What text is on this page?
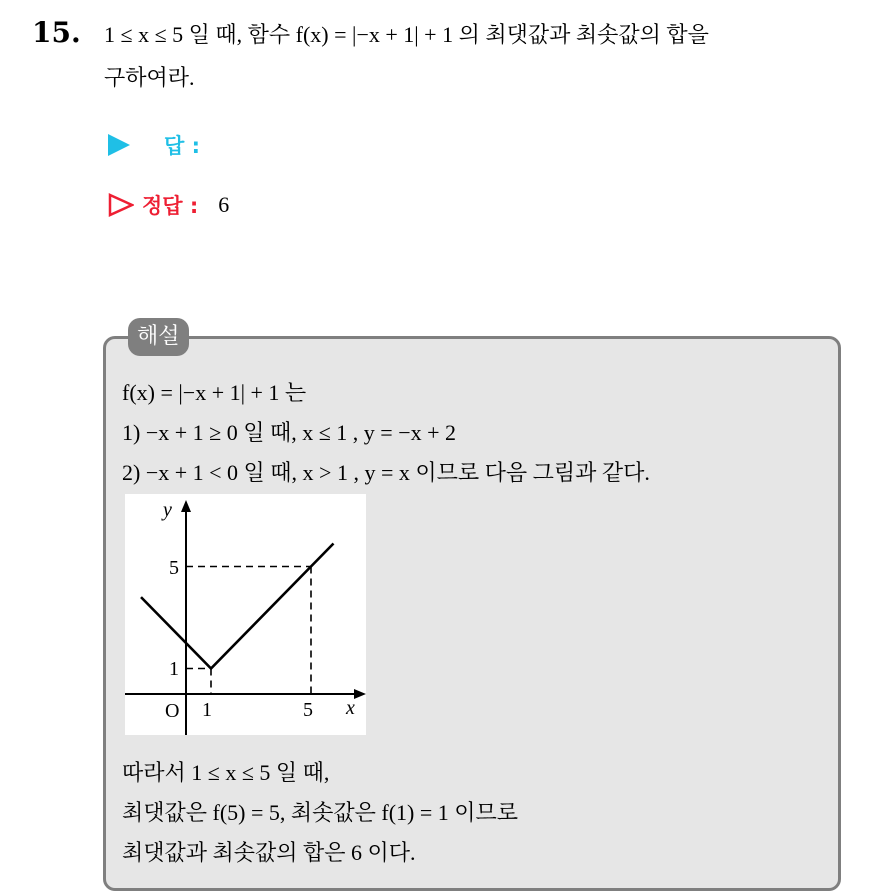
15. 1 ≤ x ≤ 5 일 때, 함수 f(x) = |−x + 1| + 1 의 최댓값과 최솟값의 합을
구하여라.
답 :
정답 : 6
해설
f(x) = |−x + 1| + 1 는
1) −x + 1 ≥ 0 일 때, x ≤ 1 , y = −x + 2
2) −x + 1 < 0 일 때, x > 1 , y = x 이므로 다음 그림과 같다.
y
x
O 1	5
1
5
따라서 1 ≤ x ≤ 5 일 때,
최댓값은 f(5) = 5, 최솟값은 f(1) = 1 이므로
최댓값과 최솟값의 합은 6 이다.
